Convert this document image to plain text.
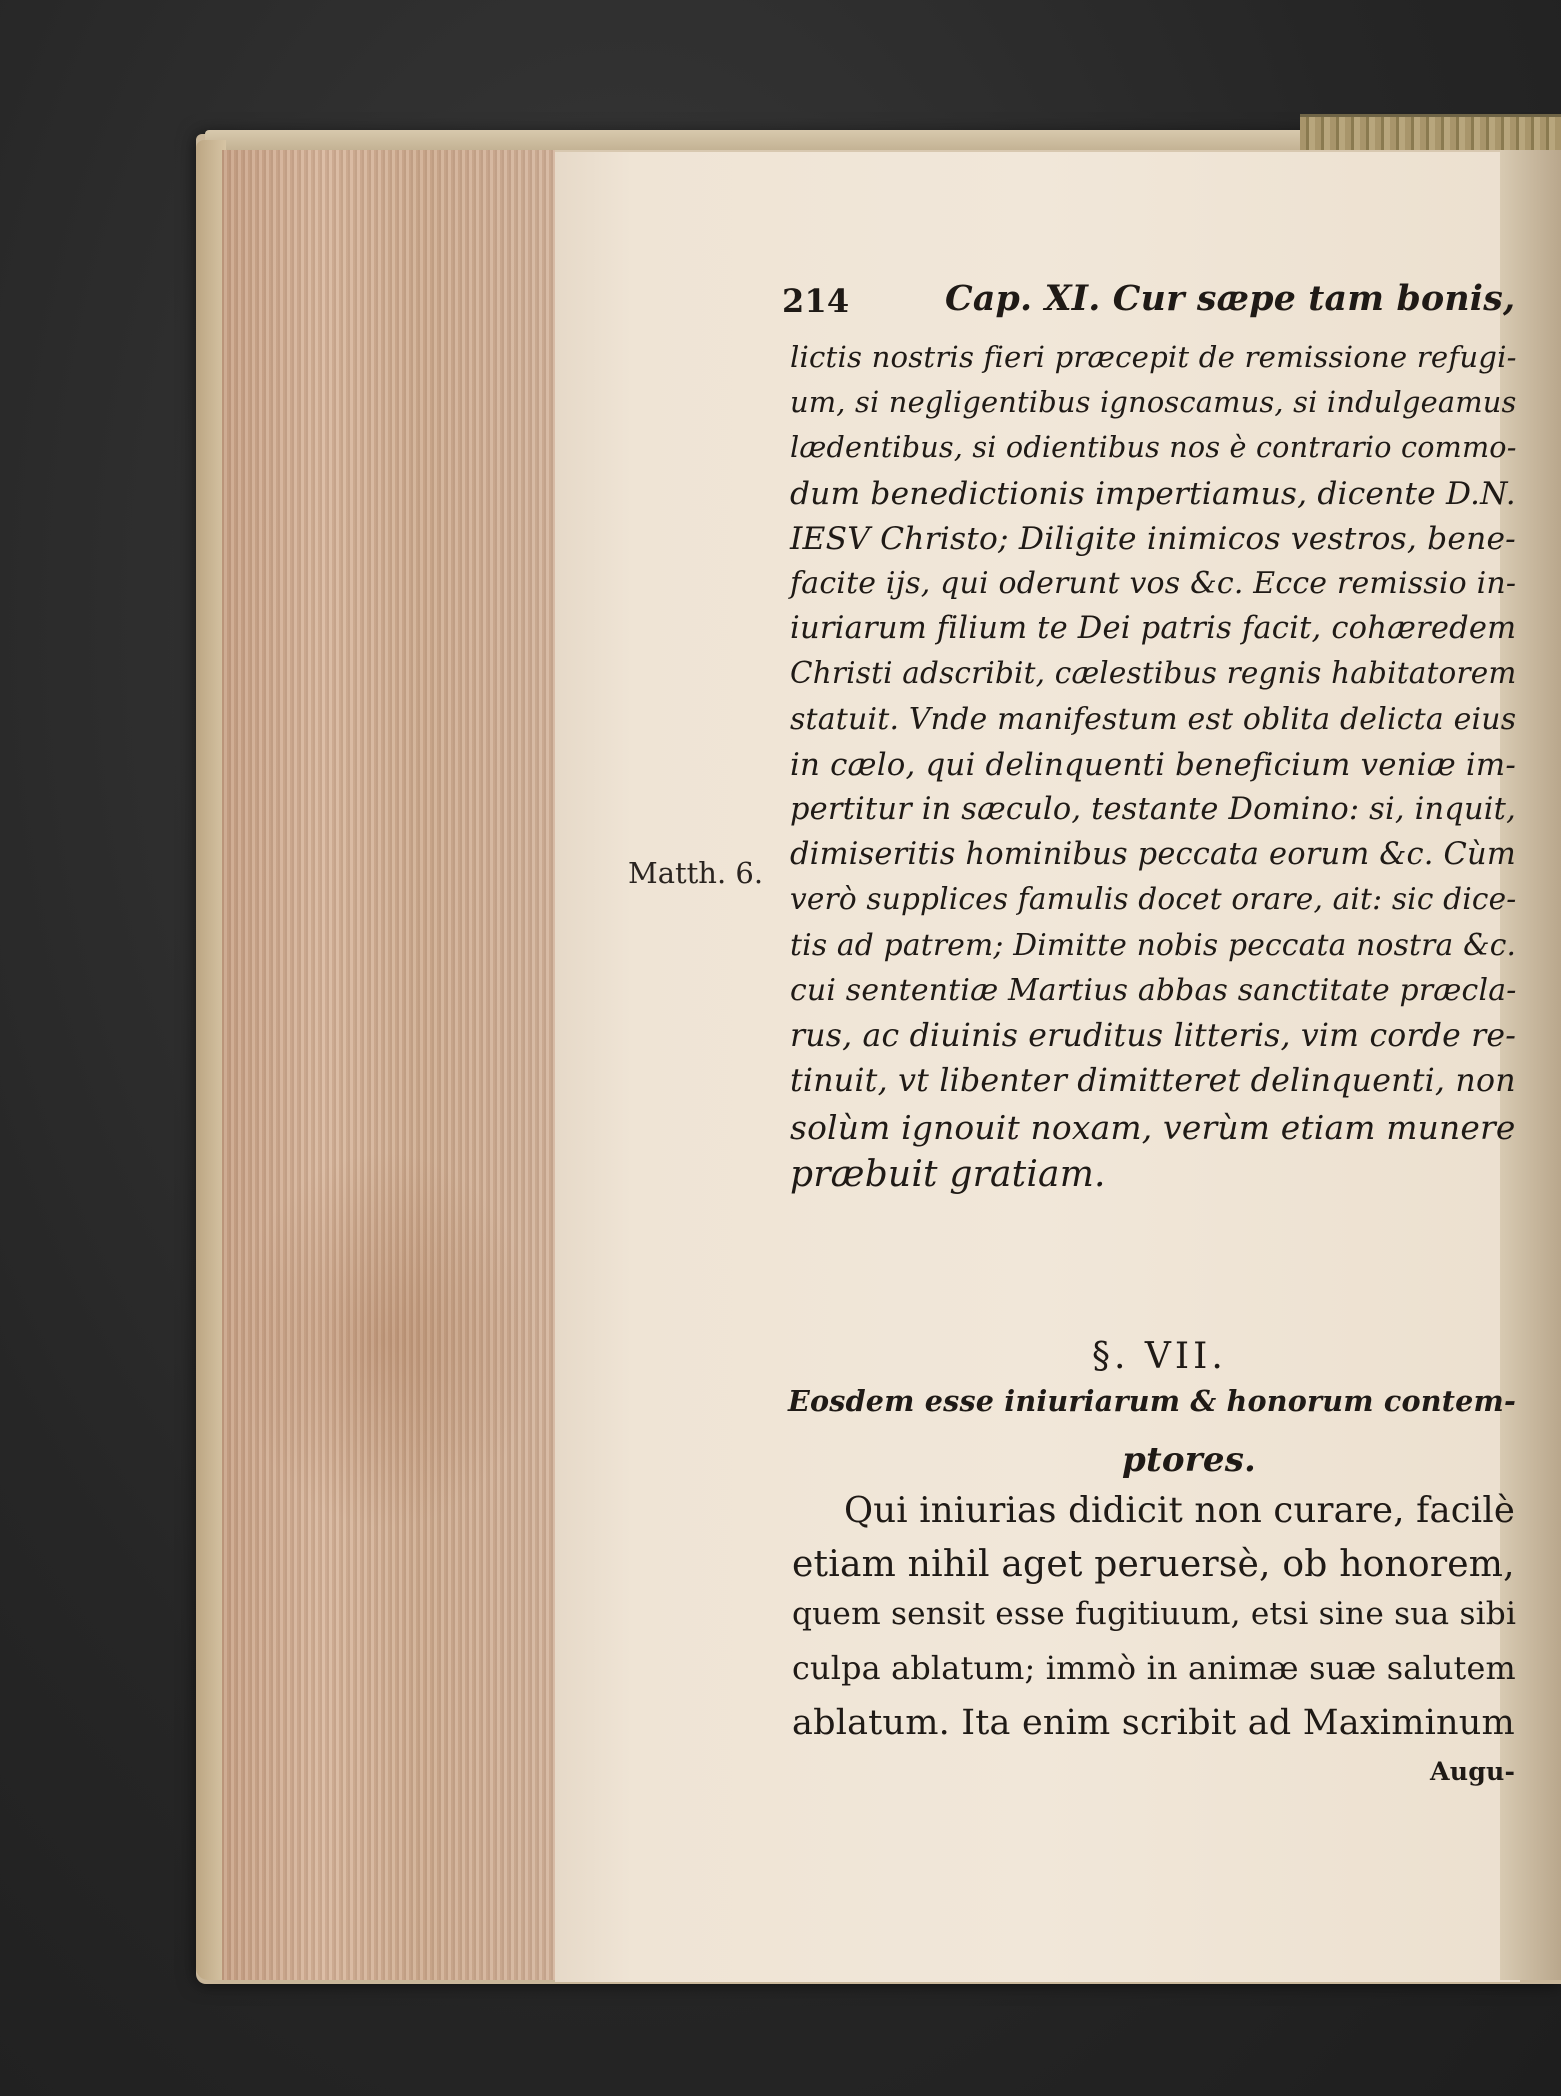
214	Cap. XI. Cur sæpe tam bonis,
Matth. 6.
lictis nostris fieri præcepit de remissione refugi-
um, si negligentibus ignoscamus, si indulgeamus
lædentibus, si odientibus nos è contrario commo-
dum benedictionis impertiamus, dicente D.N.
IESV Christo; Diligite inimicos vestros, bene-
facite ijs, qui oderunt vos &c. Ecce remissio in-
iuriarum filium te Dei patris facit, cohæredem
Christi adscribit, cælestibus regnis habitatorem
statuit. Vnde manifestum est oblita delicta eius
in cælo, qui delinquenti beneficium veniæ im-
pertitur in sæculo, testante Domino: si, inquit,
dimiseritis hominibus peccata eorum &c. Cùm
verò supplices famulis docet orare, ait: sic dice-
tis ad patrem; Dimitte nobis peccata nostra &c.
cui sententiæ Martius abbas sanctitate præcla-
rus, ac diuinis eruditus litteris, vim corde re-
tinuit, vt libenter dimitteret delinquenti, non
solùm ignouit noxam, verùm etiam munere
præbuit gratiam.
§. VII.
Eosdem esse iniuriarum & honorum contem-
ptores.
Qui iniurias didicit non curare, facilè
etiam nihil aget peruersè, ob honorem,
quem sensit esse fugitiuum, etsi sine sua sibi
culpa ablatum; immò in animæ suæ salutem
ablatum. Ita enim scribit ad Maximinum
Augu-
